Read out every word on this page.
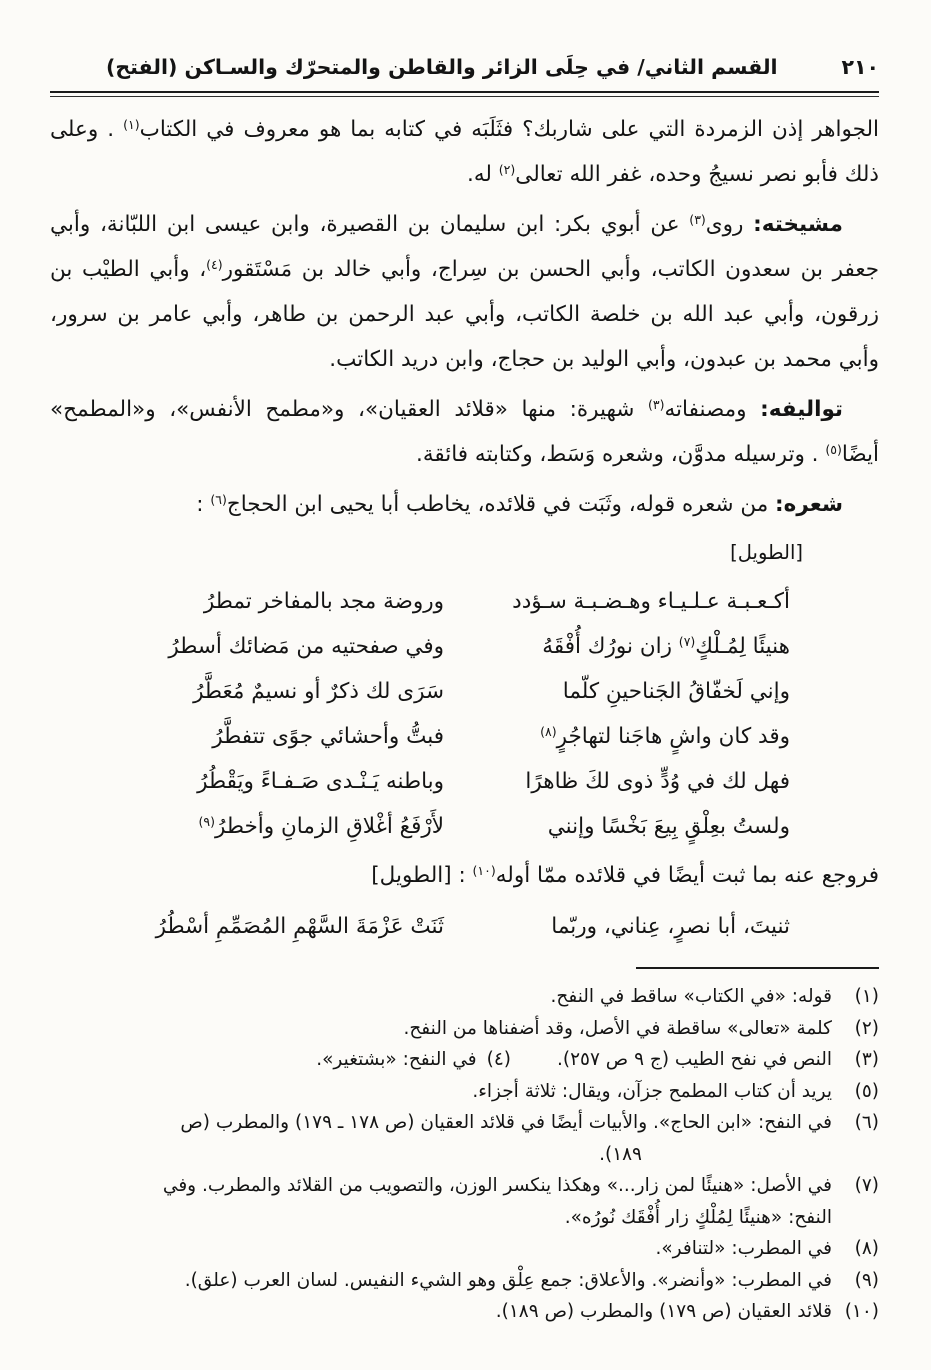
٢١٠
القسم الثاني/ في حِلَى الزائر والقاطن والمتحرّك والسـاكن (الفتح)

الجواهر إذن الزمردة التي على شاربك؟ فثَلَبَه في كتابه بما هو معروف في الكتاب$^{(١)}$ . وعلى ذلك فأبو نصر نسيجُ وحده، غفر الله تعالى$^{(٢)}$ له.

مشيخته: روى$^{(٣)}$ عن أبوي بكر: ابن سليمان بن القصيرة، وابن عيسى ابن اللبّانة، وأبي جعفر بن سعدون الكاتب، وأبي الحسن بن سِراج، وأبي خالد بن مَسْتَقور$^{(٤)}$، وأبي الطيْب بن زرقون، وأبي عبد الله بن خلصة الكاتب، وأبي عبد الرحمن بن طاهر، وأبي عامر بن سرور، وأبي محمد بن عبدون، وأبي الوليد بن حجاج، وابن دريد الكاتب.

تواليفه: ومصنفاته$^{(٣)}$ شهيرة: منها «قلائد العقيان»، و«مطمح الأنفس»، و«المطمح» أيضًا$^{(٥)}$ . وترسيله مدوَّن، وشعره وَسَط، وكتابته فائقة.

شعره: من شعره قوله، وثَبَت في قلائده، يخاطب أبا يحيى ابن الحجاج$^{(٦)}$ :

[الطويل]
أكـعـبـة عـلـيـاء وهـضـبـة سـؤدد
وروضة مجد بالمفاخر تمطرُ
هنيئًا لِمُـلْكٍ$^{(٧)}$ زان نورُك أُفْقَهُ
وفي صفحتيه من مَضائك أسطرُ
وإني لَخفّاقُ الجَناحينِ كلّما
سَرَى لك ذكرٌ أو نسيمٌ مُعَطَّرُ
وقد كان واشٍ هاجَنا لتهاجُرٍ$^{(٨)}$
فبتُّ وأحشائي جوًى تتفطَّرُ
فهل لك في وُدٍّ ذوى لكَ ظاهرًا
وباطنه يَـنْـدى صَـفـاءً ويَقْطُرُ
ولستُ بعِلْقٍ بِيعَ بَخْسًا وإنني
لأَرْفَعُ أغْلاقِ الزمانِ وأخطرُ$^{(٩)}$

فروجع عنه بما ثبت أيضًا في قلائده ممّا أوله$^{(١٠)}$ : [الطويل]

ثنيتَ، أبا نصرٍ، عِناني، وربّما
ثَنَتْ عَزْمَةَ السَّهْمِ المُصَمِّمِ أسْطُرُ
(١)
قوله: «في الكتاب» ساقط في النفح.
(٢)
كلمة «تعالى» ساقطة في الأصل، وقد أضفناها من النفح.
(٣)
النص في نفح الطيب (ج ٩ ص ٢٥٧).(٤)في النفح: «بشتغير».
(٥)
يريد أن كتاب المطمح جزآن، ويقال: ثلاثة أجزاء.
(٦)
في النفح: «ابن الحاج». والأبيات أيضًا في قلائد العقيان (ص ١٧٨ ـ ١٧٩) والمطرب (ص
١٨٩).
(٧)
في الأصل: «هنيئًا لمن زار...» وهكذا ينكسر الوزن، والتصويب من القلائد والمطرب. وفي
النفح: «هنيئًا لِمُلْكٍ زار أُفْقَك نُورُه».
(٨)
في المطرب: «لتنافر».
(٩)
في المطرب: «وأنضر». والأعلاق: جمع عِلْق وهو الشيء النفيس. لسان العرب (علق).
(١٠)
قلائد العقيان (ص ١٧٩) والمطرب (ص ١٨٩).
